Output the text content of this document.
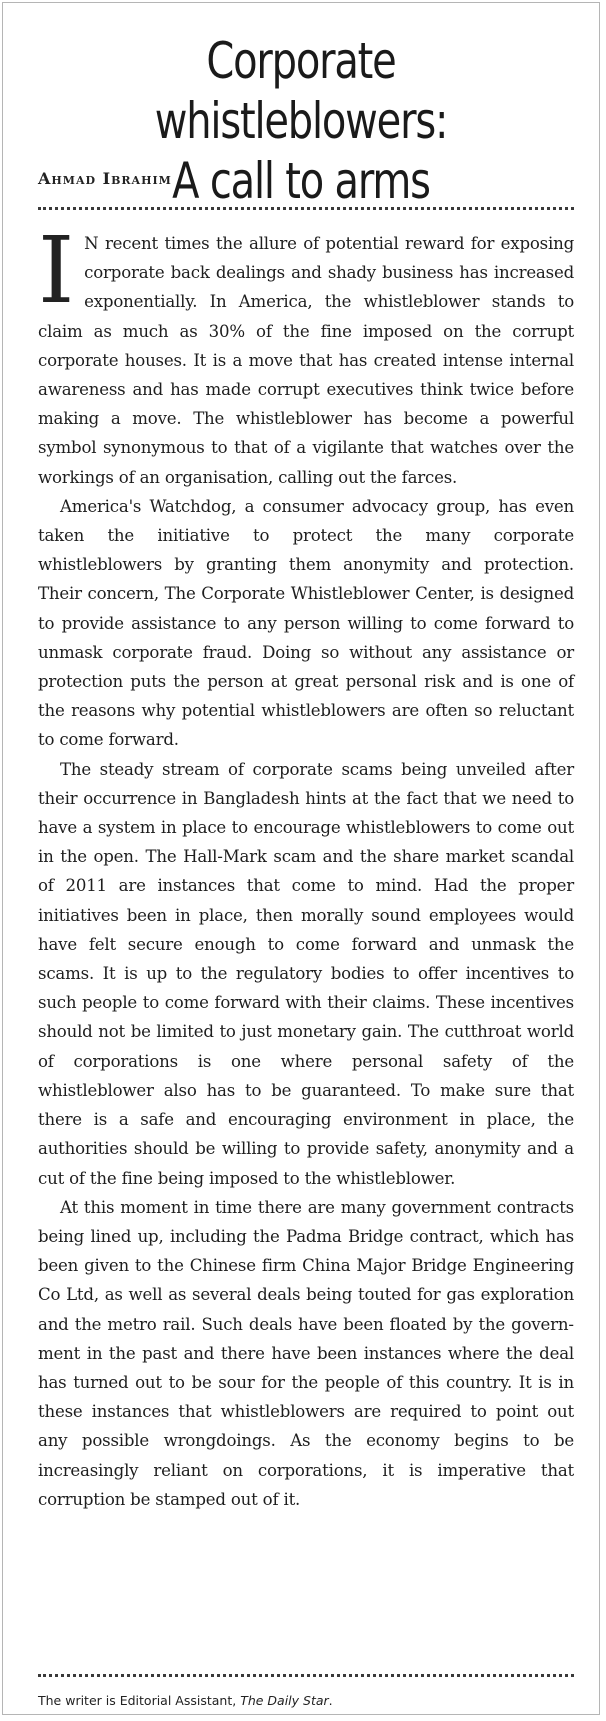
Corporate whistleblowers:
A call to arms
Ahmad Ibrahim

I N recent times the allure of potential reward for exposing corporate back dealings and shady business has increased exponentially. In America, the whistleblower stands to claim as much as 30% of the fine imposed on the corrupt corporate houses. It is a move that has created intense internal awareness and has made corrupt executives think twice before making a move. The whistleblower has become a powerful symbol synonymous to that of a vigilante that watches over the workings of an organisation, calling out the farces.

America's Watchdog, a consumer advocacy group, has even taken the initiative to protect the many corporate whistleblowers by granting them anonymity and protection. Their concern, The Corporate Whistleblower Center, is designed to provide assistance to any person willing to come forward to unmask corporate fraud. Doing so without any assistance or protection puts the person at great personal risk and is one of the reasons why potential whistleblowers are often so reluctant to come forward.

The steady stream of corporate scams being unveiled after their occurrence in Bangladesh hints at the fact that we need to have a system in place to encourage whistleblowers to come out in the open. The Hall-Mark scam and the share market scandal of 2011 are instances that come to mind. Had the proper initiatives been in place, then morally sound employees would have felt secure enough to come forward and unmask the scams. It is up to the regulatory bodies to offer incentives to such people to come forward with their claims. These incentives should not be limited to just monetary gain. The cutthroat world of corporations is one where personal safety of the whistleblower also has to be guaranteed. To make sure that there is a safe and encouraging environment in place, the authorities should be willing to provide safety, anonymity and a cut of the fine being imposed to the whistleblower.

At this moment in time there are many government contracts being lined up, including the Padma Bridge contract, which has been given to the Chinese firm China Major Bridge Engineering Co Ltd, as well as several deals being touted for gas exploration and the metro rail. Such deals have been floated by the government in the past and there have been instances where the deal has turned out to be sour for the people of this country. It is in these instances that whistleblowers are required to point out any possible wrongdoings. As the economy begins to be increasingly reliant on corporations, it is imperative that corruption be stamped out of it.

The writer is Editorial Assistant, The Daily Star.
